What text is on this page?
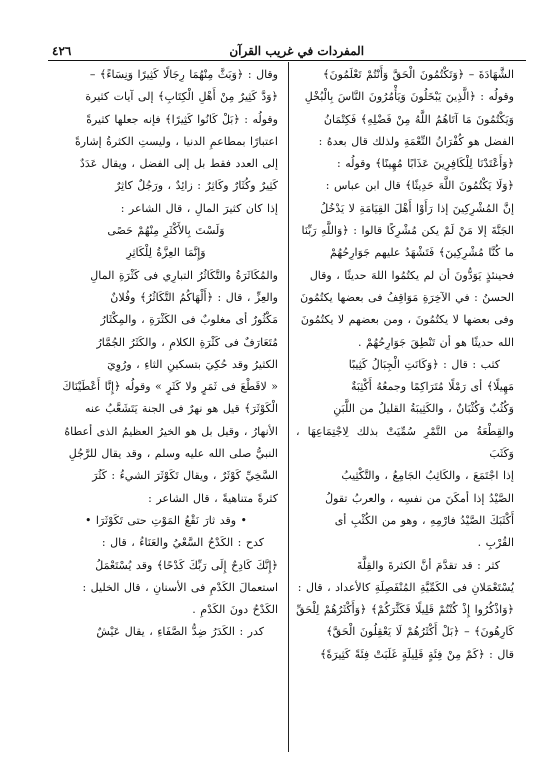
٤٢٦	المفردات في غريب القرآن

الشَّهَادَةَ – ﴿وَتَكْتُمُونَ الْحَقَّ وَأَنْتُمْ تَعْلَمُونَ﴾

وقولُه : ﴿الَّذِينَ يَبْخَلُونَ وَيَأْمُرُونَ النَّاسَ بِالْبُخْلِ

وَيَكْتُمُونَ مَا آتَاهُمُ اللَّهُ مِنْ فَضْلِهِ﴾ فَكِتْمَانُ

الفضل هو كُفْرَانُ النِّعْمَةِ ولذلك قال بعدهُ :

﴿وَأَعْتَدْنَا لِلْكَافِرِينَ عَذَابًا مُهِينًا﴾ وقولُه :

﴿وَلَا يَكْتُمُونَ اللَّهَ حَدِيثًا﴾ قال ابن عباس :

إنَّ المُشْرِكِينَ إذا رَأَوْا أَهْلَ القِيَامَةِ لا يَدْخُلُ

الجَنَّةَ إلا مَنْ لَمْ يكن مُشْرِكًا قالوا : ﴿وَاللَّهِ رَبِّنَا

ما كُنَّا مُشْرِكِينَ﴾ فَتَشْهَدُ عليهم جَوَارِحُهُمْ

فحينئذٍ يَوَدُّونَ أن لم يكتُمُوا اللهَ حديثًا ، وقال

الحسنُ : في الآخِرَةِ مَوَاقِفُ فى بعضها يكتُمُونَ

وفى بعضها لا يكتُمُونَ ، ومن بعضهم لا يكتُمُونَ

الله حديثًا هو أن تَنْطِقَ جَوَارِحُهُمْ .

كثب : قال : ﴿وَكَانَتِ الْجِبَالُ كَثِيبًا

مَهِيلًا﴾ أى رَمْلًا مُتَرَاكِمًا وجمعُهُ أَكْثِبَةٌ

وَكُثُبٌ وَكُثْبَانٌ ، والكَثِيبَةُ القليلُ من اللَّبَنِ

والقِطْعَةُ من التَّمْرِ سُمِّيَتْ بذلك لِاجْتِمَاعِهَا ، وَكَثَبَ

إذا اجْتَمَعَ ، والكَاثِبُ الجَامِعُ ، والتَّكْثِيبُ

الصَّيْدُ إذا أمكَنَ من نفسِه ، والعربُ تقولُ

أَكْثَبَكَ الصَّيْدُ فارْمِهِ ، وهو من الكُثْبِ أى

القُرْبِ .

كثر : قد تقدَّمَ أنَّ الكثرةَ والقِلَّةَ

يُسْتَعْمَلانِ فى الكَمِّيَّةِ المُنْفَصِلَةِ كالأعداد ، قال :

﴿وَاذْكُرُوا إِذْ كُنْتُمْ قَلِيلًا فَكَثَّرَكُمْ﴾ ﴿وَأَكْثَرُهُمْ لِلْحَقِّ

كَارِهُونَ﴾ – ﴿بَلْ أَكْثَرُهُمْ لَا يَعْقِلُونَ الْحَقَّ﴾

قال : ﴿كَمْ مِنْ فِئَةٍ قَلِيلَةٍ غَلَبَتْ فِئَةً كَثِيرَةً﴾

وقال : ﴿وَبَثَّ مِنْهُمَا رِجَالًا كَثِيرًا وَنِسَاءً﴾ –

﴿وَدَّ كَثِيرٌ مِنْ أَهْلِ الْكِتَابِ﴾ إلى آيات كثيرة

وقولُه : ﴿بَلْ كَانُوا كَثِيرًا﴾ فإنه جعلها كثيرةً

اعتبارًا بمطاعمِ الدنيا ، وليستِ الكثرةُ إشارةً

إلى العدد فقط بل إلى الفضل ، ويقال عَدَدٌ

كَثِيرٌ وكُثَارٌ وكَاثِرٌ : زائِدٌ ، ورَجُلٌ كاثِرٌ

إذا كان كثيرَ المالِ ، قال الشاعر :

وَلَسْتَ بِالأَكْثَرِ مِنْهُمْ حَصًى

وَإِنَّمَا العِزَّةُ لِلْكَاثِرِ

والمُكَاثَرَةُ والتَّكَاثُرُ التبارِي فى كَثْرَةِ المالِ

والعِزِّ ، قال : ﴿أَلْهَاكُمُ التَّكَاثُرُ﴾ وفُلانٌ

مَكْثُورٌ أى مغلوبٌ فى الكَثْرَةِ ، والمِكْثَارُ

مُتَعَارَفٌ فى كَثْرَةِ الكلامِ ، والكَثَرُ الجُمَّارُ

الكثيرُ وقد حُكِيَ بتسكينِ الثاءِ ، ورُوِيَ

« لاقَطْعَ فى ثَمَرٍ ولا كَثَرٍ » وقولُه ﴿إِنَّا أَعْطَيْنَاكَ

الْكَوْثَرَ﴾ قيل هو نهرٌ فى الجنة يَتَشَعَّبُ عنه

الأنهارُ ، وقيل بل هو الخيرُ العظيمُ الذى أعطاهُ

النبيُّ صلى الله عليه وسلم ، وقد يقال للرَّجُلِ

السَّخِيِّ كَوْثَرٌ ، ويقال تَكَوْثَرَ الشيءُ : كَثُرَ

كثرةً متناهيةً ، قال الشاعر :

• وقد ثارَ نَقْعُ المَوْتِ حتى تَكَوْثَرَا •

كدح : الكَدْحُ السَّعْيُ والعَنَاءُ ، قال :

﴿إِنَّكَ كَادِحٌ إِلَى رَبِّكَ كَدْحًا﴾ وقد يُسْتَعْمَلُ

استعمالَ الكَدْمِ فى الأسنانِ ، قال الخليل :

الكَدْحُ دونَ الكَدْمِ .

كدر : الكَدَرُ ضِدُّ الصَّفَاءِ ، يقال عَيْشٌ
